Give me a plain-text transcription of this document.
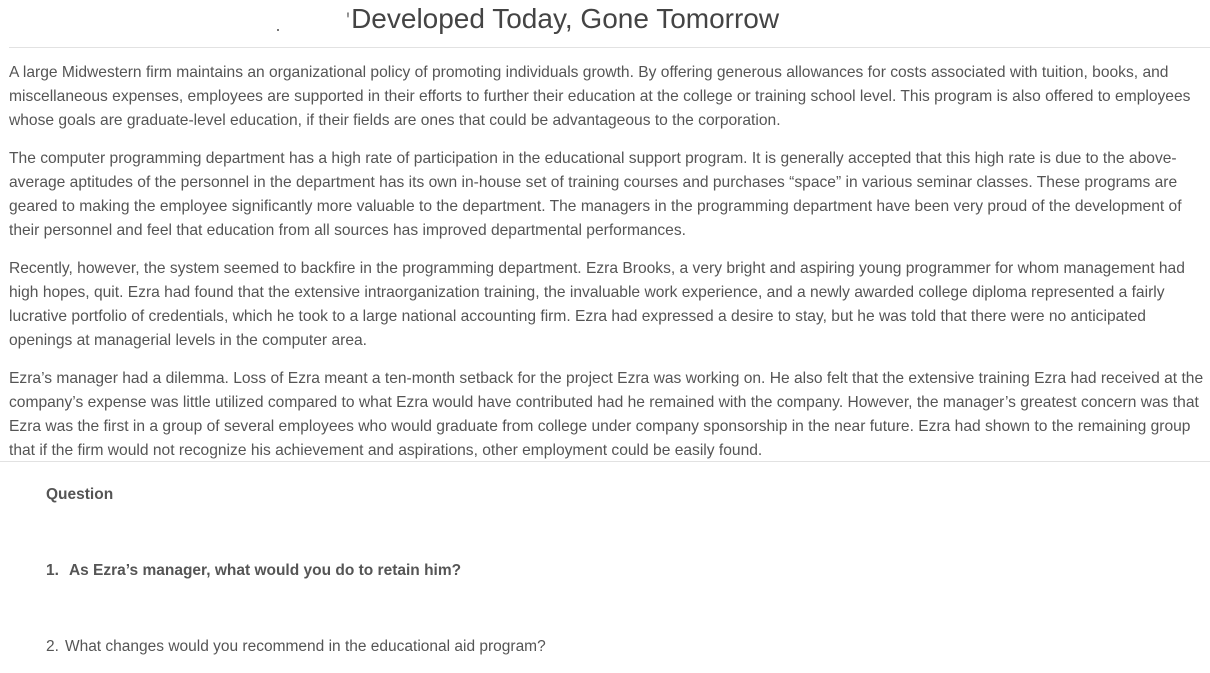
'Developed Today, Gone Tomorrow

A large Midwestern firm maintains an organizational policy of promoting individuals growth. By offering generous allowances for costs associated with tuition, books, and miscellaneous expenses, employees are supported in their efforts to further their education at the college or training school level. This program is also offered to employees whose goals are graduate-level education, if their fields are ones that could be advantageous to the corporation.

The computer programming department has a high rate of participation in the educational support program. It is generally accepted that this high rate is due to the above-average aptitudes of the personnel in the department has its own in-house set of training courses and purchases “space” in various seminar classes. These programs are geared to making the employee significantly more valuable to the department. The managers in the programming department have been very proud of the development of their personnel and feel that education from all sources has improved departmental performances.

Recently, however, the system seemed to backfire in the programming department. Ezra Brooks, a very bright and aspiring young programmer for whom management had high hopes, quit. Ezra had found that the extensive intraorganization training, the invaluable work experience, and a newly awarded college diploma represented a fairly lucrative portfolio of credentials, which he took to a large national accounting firm. Ezra had expressed a desire to stay, but he was told that there were no anticipated openings at managerial levels in the computer area.

Ezra’s manager had a dilemma. Loss of Ezra meant a ten-month setback for the project Ezra was working on. He also felt that the extensive training Ezra had received at the company’s expense was little utilized compared to what Ezra would have contributed had he remained with the company. However, the manager’s greatest concern was that Ezra was the first in a group of several employees who would graduate from college under company sponsorship in the near future. Ezra had shown to the remaining group that if the firm would not recognize his achievement and aspirations, other employment could be easily found.

Question
1. As Ezra’s manager, what would you do to retain him?
2. What changes would you recommend in the educational aid program?
